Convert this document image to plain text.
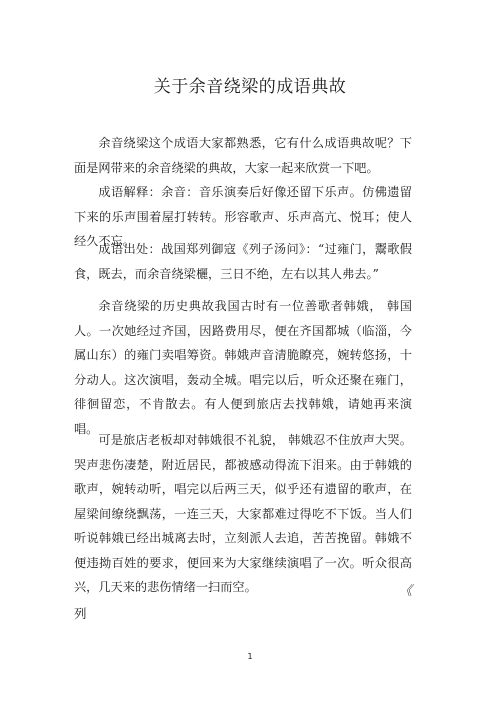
关于余音绕梁的成语典故

余音绕梁这个成语大家都熟悉，它有什么成语典故呢？下面是网带来的余音绕梁的典故，大家一起来欣赏一下吧。

成语解释：余音：音乐演奏后好像还留下乐声。仿佛遗留下来的乐声围着屋打转转。形容歌声、乐声高亢、悦耳；使人经久不忘。

成语出处：战国郑列御寇《列子汤问》：“过雍门，鬻歌假食，既去，而余音绕梁欐，三日不绝，左右以其人弗去。”

余音绕梁的历史典故我国古时有一位善歌者韩娥， 韩国人。一次她经过齐国，因路费用尽，便在齐国都城（临淄，今属山东）的雍门卖唱筹资。韩娥声音清脆瞭亮，婉转悠扬，十分动人。这次演唱，轰动全城。唱完以后，听众还聚在雍门，徘徊留恋，不肯散去。有人便到旅店去找韩娥，请她再来演唱。

可是旅店老板却对韩娥很不礼貌， 韩娥忍不住放声大哭。哭声悲伤凄楚，附近居民，都被感动得流下泪来。由于韩娥的歌声，婉转动听，唱完以后两三天，似乎还有遗留的歌声，在屋梁间缭绕飘荡，一连三天，大家都难过得吃不下饭。当人们听说韩娥已经出城离去时，立刻派人去追，苦苦挽留。韩娥不便违拗百姓的要求，便回来为大家继续演唱了一次。听众很高兴，几天来的悲伤情绪一扫而空。	《
列
1
